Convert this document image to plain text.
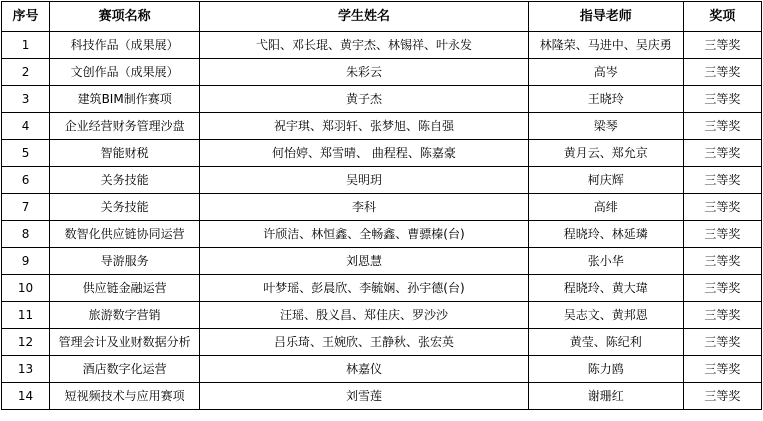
序号	赛项名称	学生姓名	指导老师	奖项
1	科技作品（成果展）	弋阳、邓长琨、黄宇杰、林锡祥、叶永发	林隆荣、马进中、吴庆勇	三等奖
2	文创作品（成果展）	朱彩云	高岑	三等奖
3	建筑BIM制作赛项	黄子杰	王晓玲	三等奖
4	企业经营财务管理沙盘	祝宇琪、郑羽轩、张梦旭、陈自强	梁琴	三等奖
5	智能财税	何怡婷、郑雪晴、 曲程程、陈嘉豪	黄月云、郑允京	三等奖
6	关务技能	吴明玥	柯庆辉	三等奖
7	关务技能	李科	高绯	三等奖
8	数智化供应链协同运营	许颀洁、林恒鑫、全畅鑫、曹骠榛(台)	程晓玲、林延璘	三等奖
9	导游服务	刘恩慧	张小华	三等奖
10	供应链金融运营	叶梦瑶、彭晨欣、李毓娴、孙宇德(台)	程晓玲、黄大瑋	三等奖
11	旅游数字营销	汪瑶、殷义昌、郑佳庆、罗沙沙	吴志文、黄邦恩	三等奖
12	管理会计及业财数据分析	吕乐琦、王婉欣、王静秋、张宏英	黄莹、陈纪利	三等奖
13	酒店数字化运营	林嘉仪	陈力鸥	三等奖
14	短视频技术与应用赛项	刘雪莲	谢珊红	三等奖
